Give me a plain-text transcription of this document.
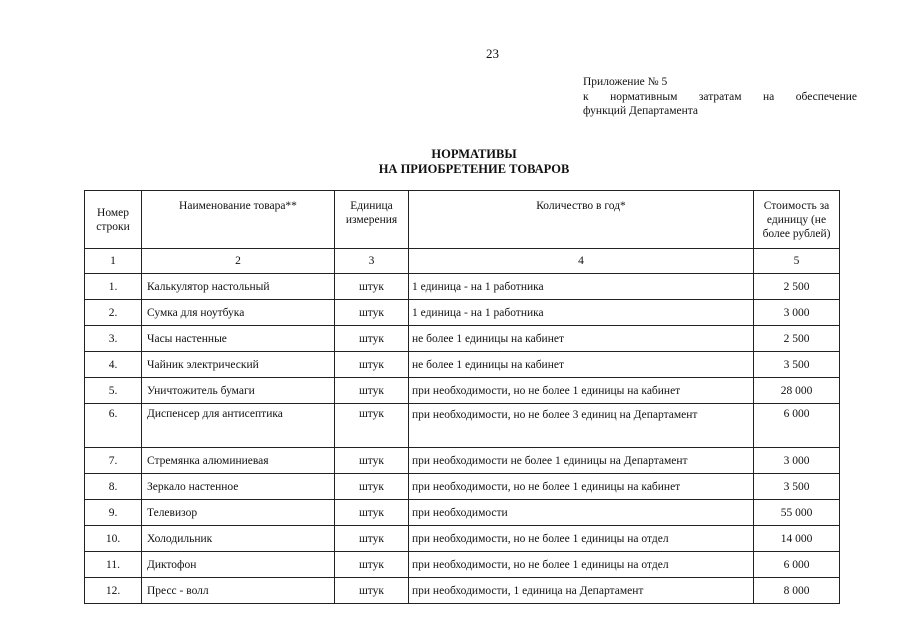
23
Приложение № 5
к нормативным затратам на обеспечение
функций Департамента
НОРМАТИВЫ
НА ПРИОБРЕТЕНИЕ ТОВАРОВ
Номер строки	Наименование товара**	Единица измерения	Количество в год*	Стоимость за единицу (не более рублей)
1	2	3	4	5
1.	Калькулятор настольный	штук	1 единица - на 1 работника	2 500
2.	Сумка для ноутбука	штук	1 единица - на 1 работника	3 000
3.	Часы настенные	штук	не более 1 единицы на кабинет	2 500
4.	Чайник электрический	штук	не более 1 единицы на кабинет	3 500
5.	Уничтожитель бумаги	штук	при необходимости, но не более 1 единицы на кабинет	28 000
6.	Диспенсер для антисептика	штук	при необходимости, но не более 3 единиц на Департамент	6 000
7.	Стремянка алюминиевая	штук	при необходимости не более 1 единицы на Департамент	3 000
8.	Зеркало настенное	штук	при необходимости, но не более 1 единицы на кабинет	3 500
9.	Телевизор	штук	при необходимости	55 000
10.	Холодильник	штук	при необходимости, но не более 1 единицы на отдел	14 000
11.	Диктофон	штук	при необходимости, но не более 1 единицы на отдел	6 000
12.	Пресс - волл	штук	при необходимости, 1 единица на Департамент	8 000
